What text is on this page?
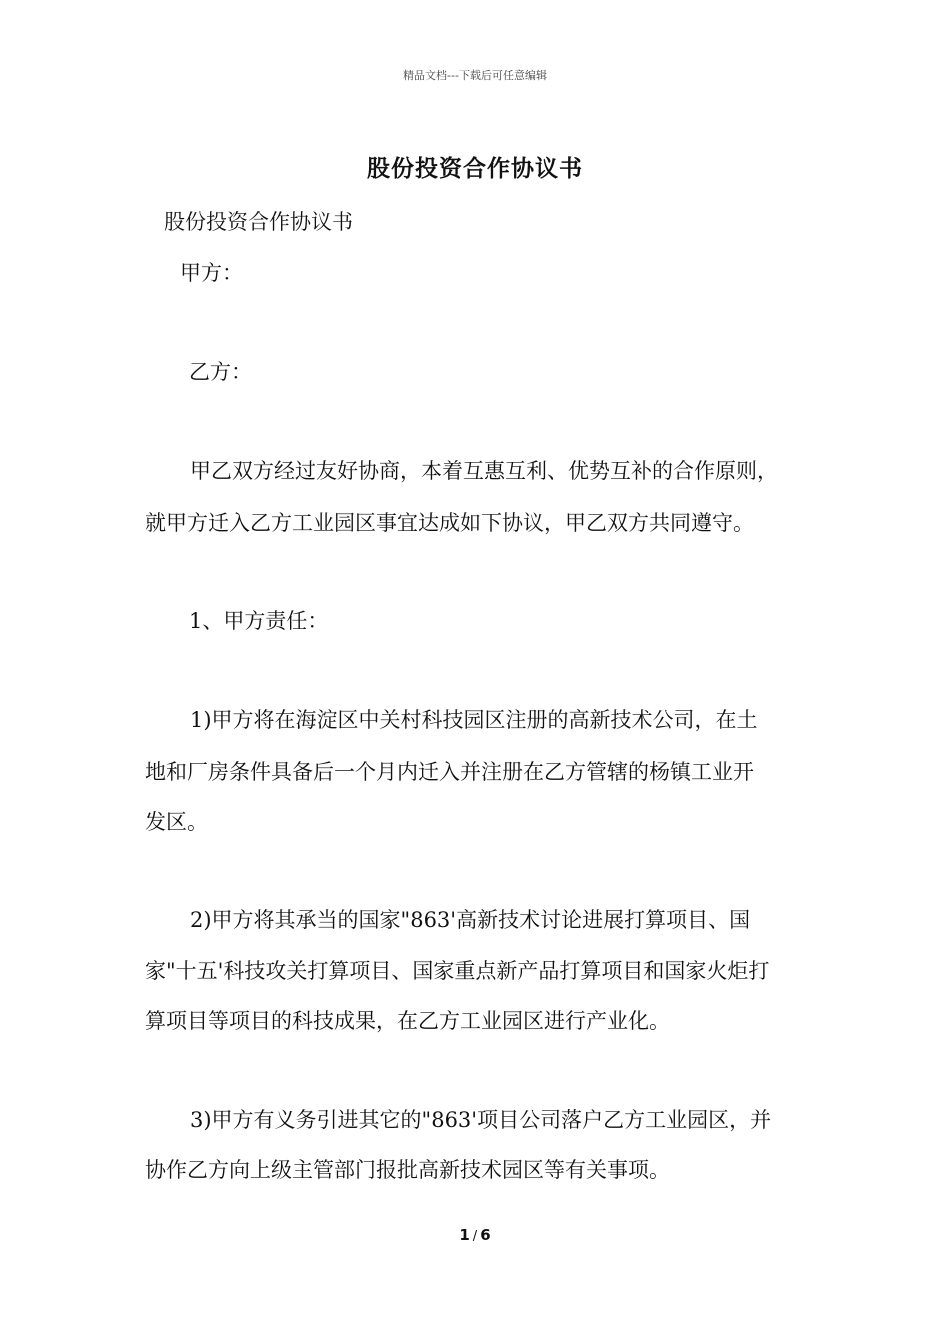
精品文档---下载后可任意编辑
股份投资合作协议书
股份投资合作协议书
甲方：
乙方：
甲乙双方经过友好协商，本着互惠互利、优势互补的合作原则，
就甲方迁入乙方工业园区事宜达成如下协议，甲乙双方共同遵守。
1、甲方责任：
1)甲方将在海淀区中关村科技园区注册的高新技术公司，在土
地和厂房条件具备后一个月内迁入并注册在乙方管辖的杨镇工业开
发区。
2)甲方将其承当的国家"863'高新技术讨论进展打算项目、国
家"十五'科技攻关打算项目、国家重点新产品打算项目和国家火炬打
算项目等项目的科技成果，在乙方工业园区进行产业化。
3)甲方有义务引进其它的"863'项目公司落户乙方工业园区，并
协作乙方向上级主管部门报批高新技术园区等有关事项。
1 / 6
